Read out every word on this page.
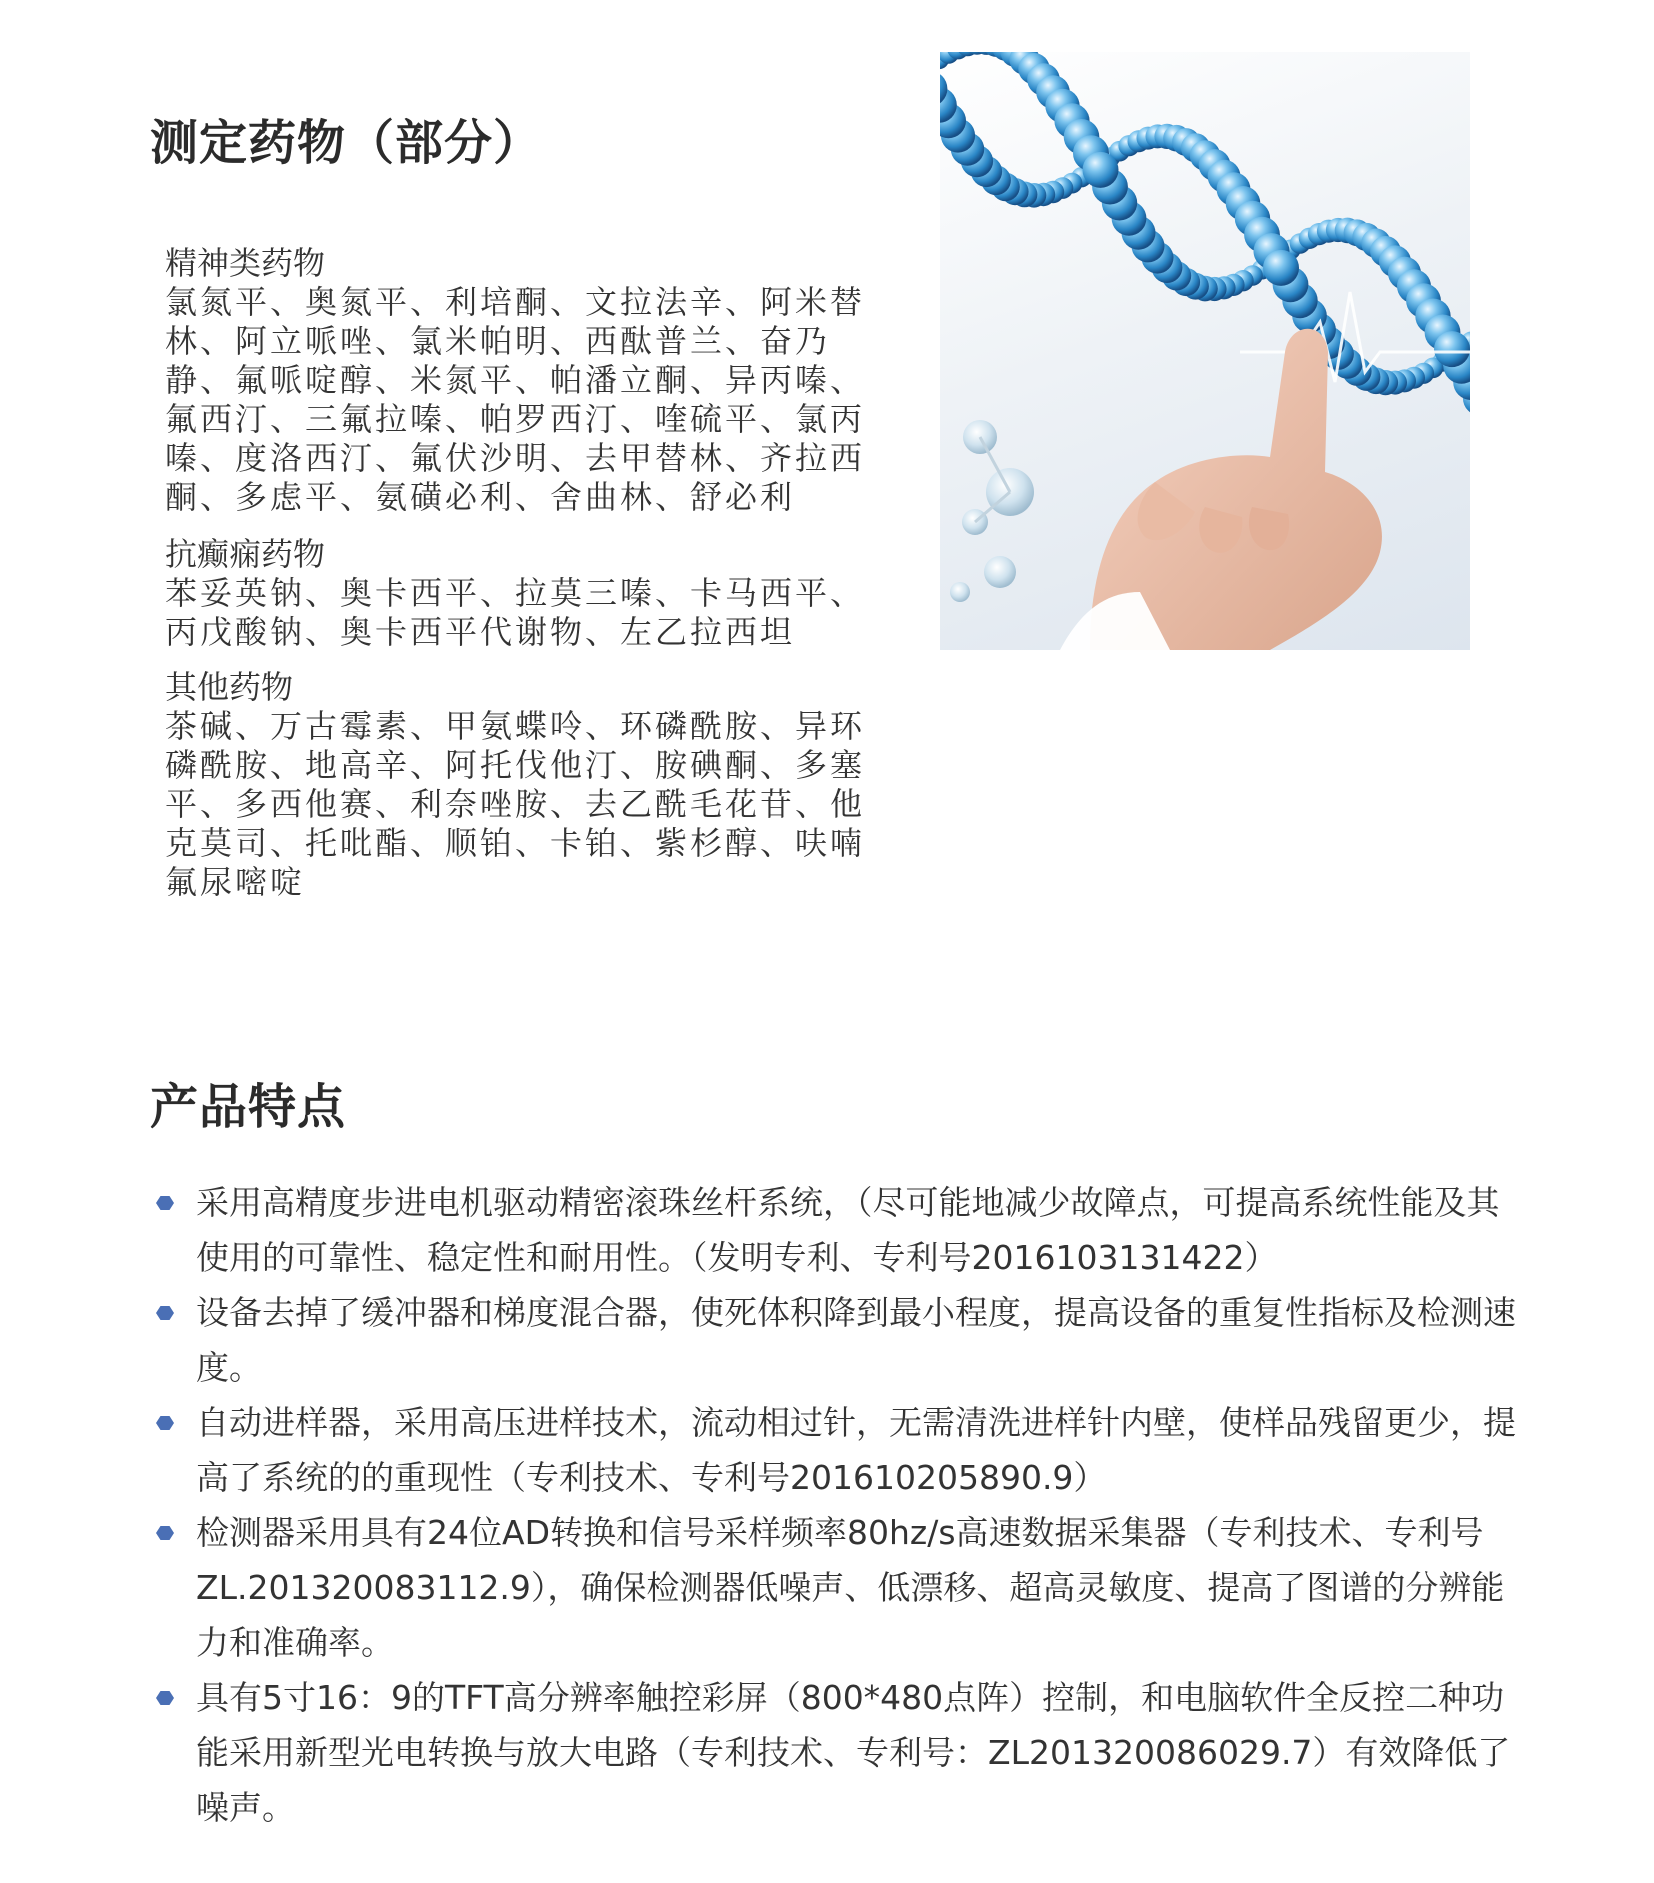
测定药物（部分）
精神类药物
氯氮平、奥氮平、利培酮、文拉法辛、阿米替林、阿立哌唑、氯米帕明、西酞普兰、奋乃静、氟哌啶醇、米氮平、帕潘立酮、异丙嗪、氟西汀、三氟拉嗪、帕罗西汀、喹硫平、氯丙嗪、度洛西汀、氟伏沙明、去甲替林、齐拉西酮、多虑平、氨磺必利、舍曲林、舒必利
抗癫痫药物
苯妥英钠、奥卡西平、拉莫三嗪、卡马西平、丙戊酸钠、奥卡西平代谢物、左乙拉西坦
其他药物
茶碱、万古霉素、甲氨蝶呤、环磷酰胺、异环磷酰胺、地高辛、阿托伐他汀、胺碘酮、多塞平、多西他赛、利奈唑胺、去乙酰毛花苷、他克莫司、托吡酯、顺铂、卡铂、紫杉醇、呋喃氟尿嘧啶
产品特点
采用高精度步进电机驱动精密滚珠丝杆系统，（尽可能地减少故障点，可提高系统性能及其使用的可靠性、稳定性和耐用性。（发明专利、专利号2016103131422）
设备去掉了缓冲器和梯度混合器，使死体积降到最小程度，提高设备的重复性指标及检测速度。
自动进样器，采用高压进样技术，流动相过针，无需清洗进样针内壁，使样品残留更少，提高了系统的的重现性（专利技术、专利号201610205890.9）
检测器采用具有24位AD转换和信号采样频率80hz/s高速数据采集器（专利技术、专利号ZL.201320083112.9），确保检测器低噪声、低漂移、超高灵敏度、提高了图谱的分辨能力和准确率。
具有5寸16：9的TFT高分辨率触控彩屏（800*480点阵）控制，和电脑软件全反控二种功能采用新型光电转换与放大电路（专利技术、专利号：ZL201320086029.7）有效降低了噪声。
